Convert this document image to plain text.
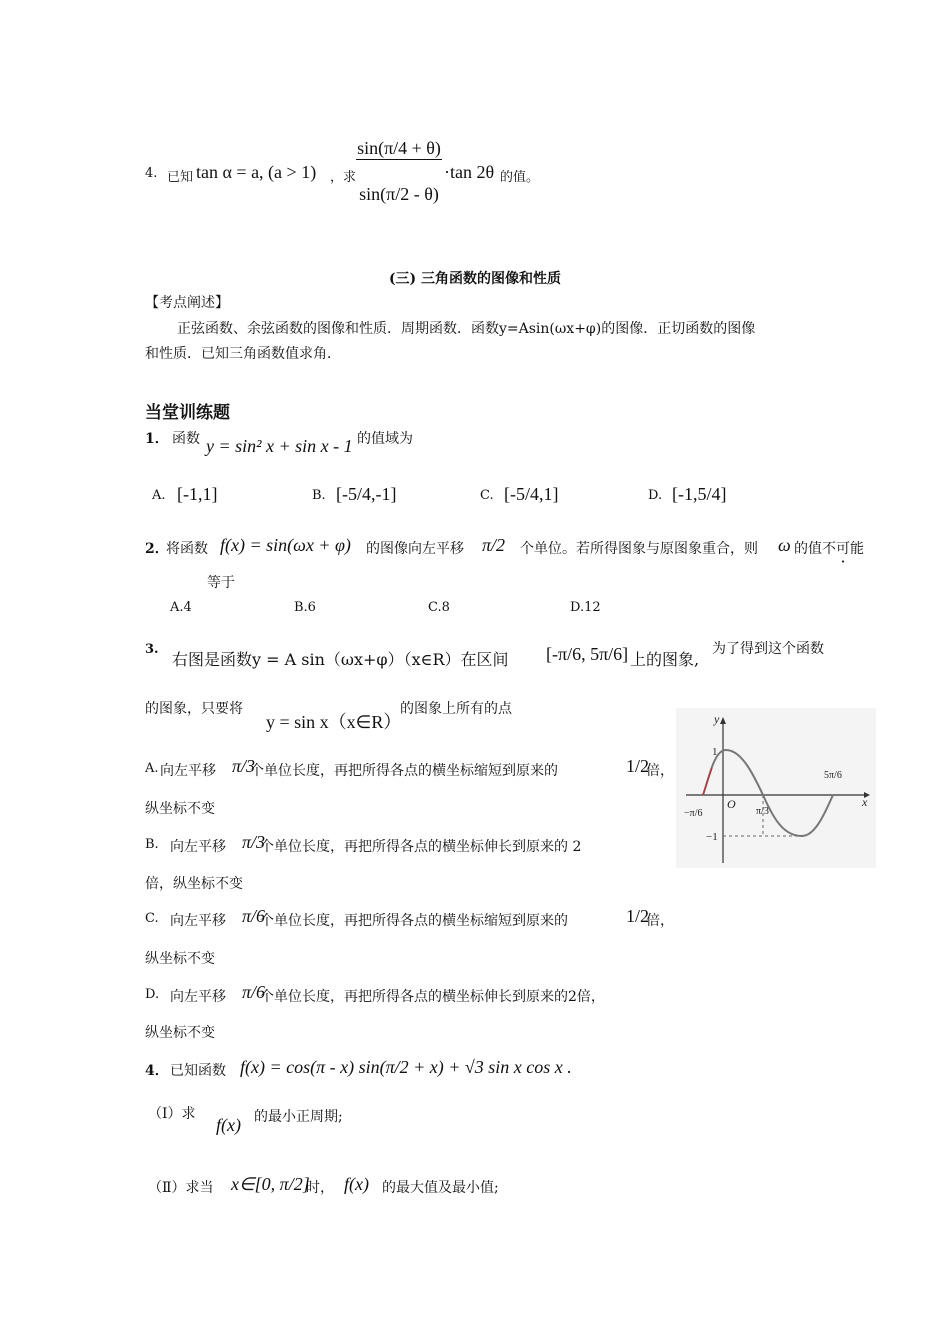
4. 已知 tan α = a, (a > 1) ，求
sin(π/4 + θ)
sin(π/2 - θ)
·tan 2θ 的值。
(三) 三角函数的图像和性质
【考点阐述】
正弦函数、余弦函数的图像和性质．周期函数．函数y=Asin(ωx+φ)的图像．正切函数的图像
和性质．已知三角函数值求角．
当堂训练题
1． 函数 y = sin² x + sin x - 1 的值域为
A. [-1,1]	B. [-5/4,-1]	C. [-5/4,1]	D. [-1,5/4]
2．
将函数 f(x) = sin(ωx + φ) 的图像向左平移 π/2 个单位。若所得图象与原图象重合，则 ω 的值 不可能
等于
A.4	B.6	C.8	D.12
3.
右图是函数y = A sin（ωx+φ）（x∈R）在区间 [-π/6, 5π/6] 上的图象,
为了得到这个函数
的图象，只要将
y = sin x（x∈R）
的图象上所有的点
A. 向左平移 π/3
个单位长度，再把所得各点的横坐标缩短到原来的	1/2
倍，
纵坐标不变
B. 向左平移 π/3
个单位长度，再把所得各点的横坐标伸长到原来的 2
倍，纵坐标不变
C. 向左平移 π/6
个单位长度，再把所得各点的横坐标缩短到原来的	1/2
倍，
纵坐标不变
D. 向左平移 π/6
个单位长度，再把所得各点的横坐标伸长到原来的2倍，
纵坐标不变
y
x
O
1
−1
−π/6	π/3
5π/6
4． 已知函数 f(x) = cos(π - x) sin(π/2 + x) + √3 sin x cos x .
（Ⅰ）求
f(x) 的最小正周期;
（Ⅱ）求当 x∈[0, π/2]
时， f(x) 的最大值及最小值;
